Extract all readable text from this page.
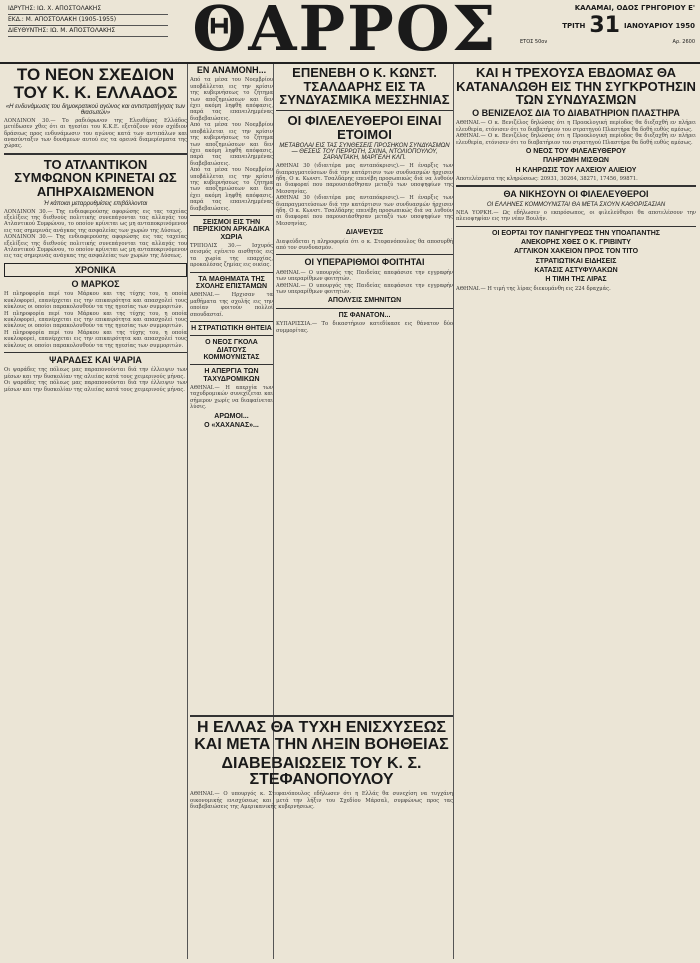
ΙΔΡΥΤΗΣ: ΙΩ. Χ. ΑΠΟΣΤΟΛΑΚΗΣ
ΕΚΔ.: Μ. ΑΠΟΣΤΟΛΑΚΗ (1905-1955)
ΔΙΕΥΘΥΝΤΗΣ: ΙΩ. Μ. ΑΠΟΣΤΟΛΑΚΗΣ	ΘΑΡΡΟΣ	ΚΑΛΑΜΑΙ, ΟΔΟΣ ΓΡΗΓΟΡΙΟΥ Ε'
ΤΡΙΤΗ 31 ΙΑΝΟΥΑΡΙΟΥ 1950
ΕΤΟΣ 50ον	Αρ. 2600
ΤΟ ΝΕΟΝ ΣΧΕΔΙΟΝ ΤΟΥ Κ. Κ. ΕΛΛΑΔΟΣ
«Η ενδυνάμωσις του δημοκρατικού αγώνος και αντιστρατήγησις των θιασωτών»

ΛΟΝΔΙΝΟΝ 30.— Το ραδιόφωνον της Ελευθέρας Ελλάδος μετέδωσεν χθες ότι αι ηγεσίαι του Κ.Κ.Ε. εξετάζουν νέον σχέδιον δράσεως προς ενδυνάμωσιν του αγώνος κατά των αντιπάλων και ανασύνταξιν των δυνάμεων αυτού εις τα ορεινά διαμερίσματα της χώρας.

ΤΟ ΑΤΛΑΝΤΙΚΟΝ ΣΥΜΦΩΝΟΝ ΚΡΙΝΕΤΑΙ ΩΣ ΑΠΗΡΧΑΙΩΜΕΝΟΝ
Ή κάποιαι μεταρρυθμίσεις επιβάλλονται

ΛΟΝΔΙΝΟΝ 30.— Της ενδιαφερούσης αφορώσης εις τας ταχείας εξελίξεις της διεθνούς πολιτικής συνεπάγονται τας αλλαγάς του Ατλαντικού Συμφώνου, το οποίον κρίνεται ως μη ανταποκρινόμενον εις τας σημερινάς ανάγκας της ασφαλείας των χωρών της Δύσεως.

ΛΟΝΔΙΝΟΝ 30.— Της ενδιαφερούσης αφορώσης εις τας ταχείας εξελίξεις της διεθνούς πολιτικής συνεπάγονται τας αλλαγάς του Ατλαντικού Συμφώνου, το οποίον κρίνεται ως μη ανταποκρινόμενον εις τας σημερινάς ανάγκας της ασφαλείας των χωρών της Δύσεως.

ΧΡΟΝΙΚΑ
Ο ΜΑΡΚΟΣ

Η πληροφορία περί του Μάρκου και της τύχης του, η οποία κυκλοφορεί, επανέρχεται εις την επικαιρότητα και απασχολεί τους κύκλους οι οποίοι παρακολουθούν τα της ηγεσίας των συμμοριτών.

Η πληροφορία περί του Μάρκου και της τύχης του, η οποία κυκλοφορεί, επανέρχεται εις την επικαιρότητα και απασχολεί τους κύκλους οι οποίοι παρακολουθούν τα της ηγεσίας των συμμοριτών.

Η πληροφορία περί του Μάρκου και της τύχης του, η οποία κυκλοφορεί, επανέρχεται εις την επικαιρότητα και απασχολεί τους κύκλους οι οποίοι παρακολουθούν τα της ηγεσίας των συμμοριτών.

ΨΑΡΑΔΕΣ ΚΑΙ ΨΑΡΙΑ

Οι ψαράδες της πόλεως μας παραπονούνται διά την έλλειψιν των μέσων και την δυσκολίαν της αλιείας κατά τους χειμερινούς μήνας.

Οι ψαράδες της πόλεως μας παραπονούνται διά την έλλειψιν των μέσων και την δυσκολίαν της αλιείας κατά τους χειμερινούς μήνας.

ΕΝ ΑΝΑΜΟΝΗ...

Από τα μέσα του Νοεμβρίου υποβάλλεται εις την κρίσιν της κυβερνήσεως το ζήτημα των αποζημιώσεων και δεν έχει ακόμη ληφθή απόφασις, παρά τας επανειλημμένας διαβεβαιώσεις.

Από τα μέσα του Νοεμβρίου υποβάλλεται εις την κρίσιν της κυβερνήσεως το ζήτημα των αποζημιώσεων και δεν έχει ακόμη ληφθή απόφασις, παρά τας επανειλημμένας διαβεβαιώσεις.

Από τα μέσα του Νοεμβρίου υποβάλλεται εις την κρίσιν της κυβερνήσεως το ζήτημα των αποζημιώσεων και δεν έχει ακόμη ληφθή απόφασις, παρά τας επανειλημμένας διαβεβαιώσεις.

ΣΕΙΣΜΟΙ ΕΙΣ ΤΗΝ ΠΕΡΙΣΚΙΟΝ ΑΡΚΑΔΙΚΑ ΧΩΡΙΑ

ΤΡΙΠΟΛΙΣ 30.— Ισχυρός σεισμός εγένετο αισθητός εις τα χωρία της επαρχίας, προκαλέσας ζημίας εις οικίας.

ΤΑ ΜΑΘΗΜΑΤΑ ΤΗΣ ΣΧΟΛΗΣ ΕΠΙΣΤΑΜΩΝ

ΑΘΗΝΑΙ.— Ηρχισαν τα μαθήματα της σχολής εις την οποίαν φοιτούν πολλοί σπουδασταί.

Η ΣΤΡΑΤΙΩΤΙΚΗ ΘΗΤΕΙΑ
Ο ΝΕΟΣ ΓΚΟΛΑ ΔΙΑΤΟΥΣ ΚΟΜΜΟΥΝΙΣΤΑΣ
Η ΑΠΕΡΓΙΑ ΤΩΝ ΤΑΧΥΔΡΟΜΙΚΩΝ

ΑΘΗΝΑΙ.— Η απεργία των ταχυδρομικών συνεχίζεται και σήμερον χωρίς να διαφαίνεται λύσις.

ΑΡΩΜΟΙ...
Ο «ΧΑΧΑΝΑΣ»...
ΕΠΕΝΕΒΗ Ο Κ. ΚΩΝΣΤ. ΤΣΑΛΔΑΡΗΣ ΕΙΣ ΤΑ ΣΥΝΔΥΑΣΜΙΚΑ ΜΕΣΣΗΝΙΑΣ
ΟΙ ΦΙΛΕΛΕΥΘΕΡΟΙ ΕΙΝΑΙ ΕΤΟΙΜΟΙ
ΜΕΤΑΒΟΛΑΙ ΕΙΣ ΤΑΣ ΣΥΝΘΕΣΕΙΣ ΠΡΟΣΗΚΟΝ ΣΥΝΔΥΑΣΜΩΝ — ΘΕΣΕΙΣ ΤΟΥ ΠΕΡΡΩΤΗ, ΣΧΙΝΑ, ΝΤΟΛΙΟΠΟΥΛΟΥ, ΣΑΡΑΝΤΑΚΗ, ΜΑΡΓΕΛΗ ΚΛΠ.

ΑΘΗΝΑΙ 30 (ιδιαιτέρα μας ανταπόκρισις).— Η έναρξις των διαπραγματεύσεων διά την κατάρτισιν των συνδυασμών ήρχισεν ήδη. Ο κ. Κωνστ. Τσαλδάρης επενέβη προσωπικώς διά να λυθούν αι διαφοραί που παρουσιάσθησαν μεταξύ των υποψηφίων της Μεσσηνίας.

ΑΘΗΝΑΙ 30 (ιδιαιτέρα μας ανταπόκρισις).— Η έναρξις των διαπραγματεύσεων διά την κατάρτισιν των συνδυασμών ήρχισεν ήδη. Ο κ. Κωνστ. Τσαλδάρης επενέβη προσωπικώς διά να λυθούν αι διαφοραί που παρουσιάσθησαν μεταξύ των υποψηφίων της Μεσσηνίας.

ΔΙΑΨΕΥΣΙΣ

Διαψεύδεται η πληροφορία ότι ο κ. Στεφανόπουλος θα αποσυρθή από τον συνδυασμόν.

ΟΙ ΥΠΕΡΑΡΙΘΜΟΙ ΦΟΙΤΗΤΑΙ

ΑΘΗΝΑΙ.— Ο υπουργός της Παιδείας απεφάσισε την εγγραφήν των υπεραρίθμων φοιτητών.

ΑΘΗΝΑΙ.— Ο υπουργός της Παιδείας απεφάσισε την εγγραφήν των υπεραρίθμων φοιτητών.

ΑΠΟΛΥΣΙΣ ΣΜΗΝΙΤΩΝ
ΠΣ ΦΑΝΑΤΟΝ...

ΚΥΠΑΡΙΣΣΙΑ.— Το δικαστήριον κατεδίκασε εις θάνατον δύο συμμορίτας.

ΚΑΙ Η ΤΡΕΧΟΥΣΑ ΕΒΔΟΜΑΣ ΘΑ ΚΑΤΑΝΑΛΩΘΗ ΕΙΣ ΤΗΝ ΣΥΓΚΡΟΤΗΣΙΝ ΤΩΝ ΣΥΝΔΥΑΣΜΩΝ
Ο ΒΕΝΙΖΕΛΟΣ ΔΙΑ ΤΟ ΔΙΑΒΑΤΗΡΙΟΝ ΠΛΑΣΤΗΡΑ

ΑΘΗΝΑΙ.— Ο κ. Βενιζέλος δηλώσας ότι η Προεκλογική περίοδος θα διεξαχθή εν πλήρει ελευθερία, ετόνισεν ότι το διαβατήριον του στρατηγού Πλαστήρα θα δοθή ευθύς αμέσως.

ΑΘΗΝΑΙ.— Ο κ. Βενιζέλος δηλώσας ότι η Προεκλογική περίοδος θα διεξαχθή εν πλήρει ελευθερία, ετόνισεν ότι το διαβατήριον του στρατηγού Πλαστήρα θα δοθή ευθύς αμέσως.

Ο ΝΕΟΣ ΤΟΥ ΦΙΛΕΛΕΥΘΕΡΟΥ
ΠΛΗΡΩΜΗ ΜΙΣΘΩΝ
Η ΚΛΗΡΩΣΙΣ ΤΟΥ ΛΑΧΕΙΟΥ ΑΛΙΕΙΟΥ

Αποτελέσματα της κληρώσεως: 20931, 30264, 38271, 17456, 99871.

ΘΑ ΝΙΚΗΣΟΥΝ ΟΙ ΦΙΛΕΛΕΥΘΕΡΟΙ
ΟΙ ΕΛΛΗΝΕΣ ΚΟΜΜΟΥΝΙΣΤΑΙ ΘΑ ΜΕΤΑ ΣΧΟΥΝ ΚΑΘΟΡΙΣΑΣΙΑΝ

ΝΕΑ ΥΟΡΚΗ.— Ως εδήλωσεν ο εκπρόσωπος, οι φιλελεύθεροι θα αποτελέσουν την πλειοψηφίαν εις την νέαν Βουλήν.

ΟΙ ΕΟΡΤΑΙ ΤΟΥ ΠΑΝΗΓΥΡΕΩΣ ΤΗΝ ΥΠΟΑΠΑΝΤΗΣ
ΑΝΕΚΟΡΗΣ ΧΘΕΣ Ο Κ. ΓΡΙΒΙΝΤΥ
ΑΓΓΛΙΚΟΝ ΧΑΚΕΙΟΝ ΠΡΟΣ ΤΟΝ ΤΙΤΟ
ΣΤΡΑΤΙΩΤΙΚΑΙ ΕΙΔΗΣΕΙΣ
ΚΑΤΑΣΙΣ ΑΣΤΥΦΥΛΑΚΩΝ
Η ΤΙΜΗ ΤΗΣ ΛΙΡΑΣ

ΑΘΗΝΑΙ.— Η τιμή της λίρας διεκυμάνθη εις 224 δραχμάς.

Η ΕΛΛΑΣ ΘΑ ΤΥΧΗ ΕΝΙΣΧΥΣΕΩΣ ΚΑΙ ΜΕΤΑ ΤΗΝ ΛΗΞΙΝ ΒΟΗΘΕΙΑΣ
ΔΙΑΒΕΒΑΙΩΣΕΙΣ ΤΟΥ Κ. Σ. ΣΤΕΦΑΝΟΠΟΥΛΟΥ

ΑΘΗΝΑΙ.— Ο υπουργός κ. Στεφανόπουλος εδήλωσεν ότι η Ελλάς θα συνεχίση να τυγχάνη οικονομικής ενισχύσεως και μετά την λήξιν του Σχεδίου Μάρσαλ, συμφώνως προς τας διαβεβαιώσεις της Αμερικανικής κυβερνήσεως.
